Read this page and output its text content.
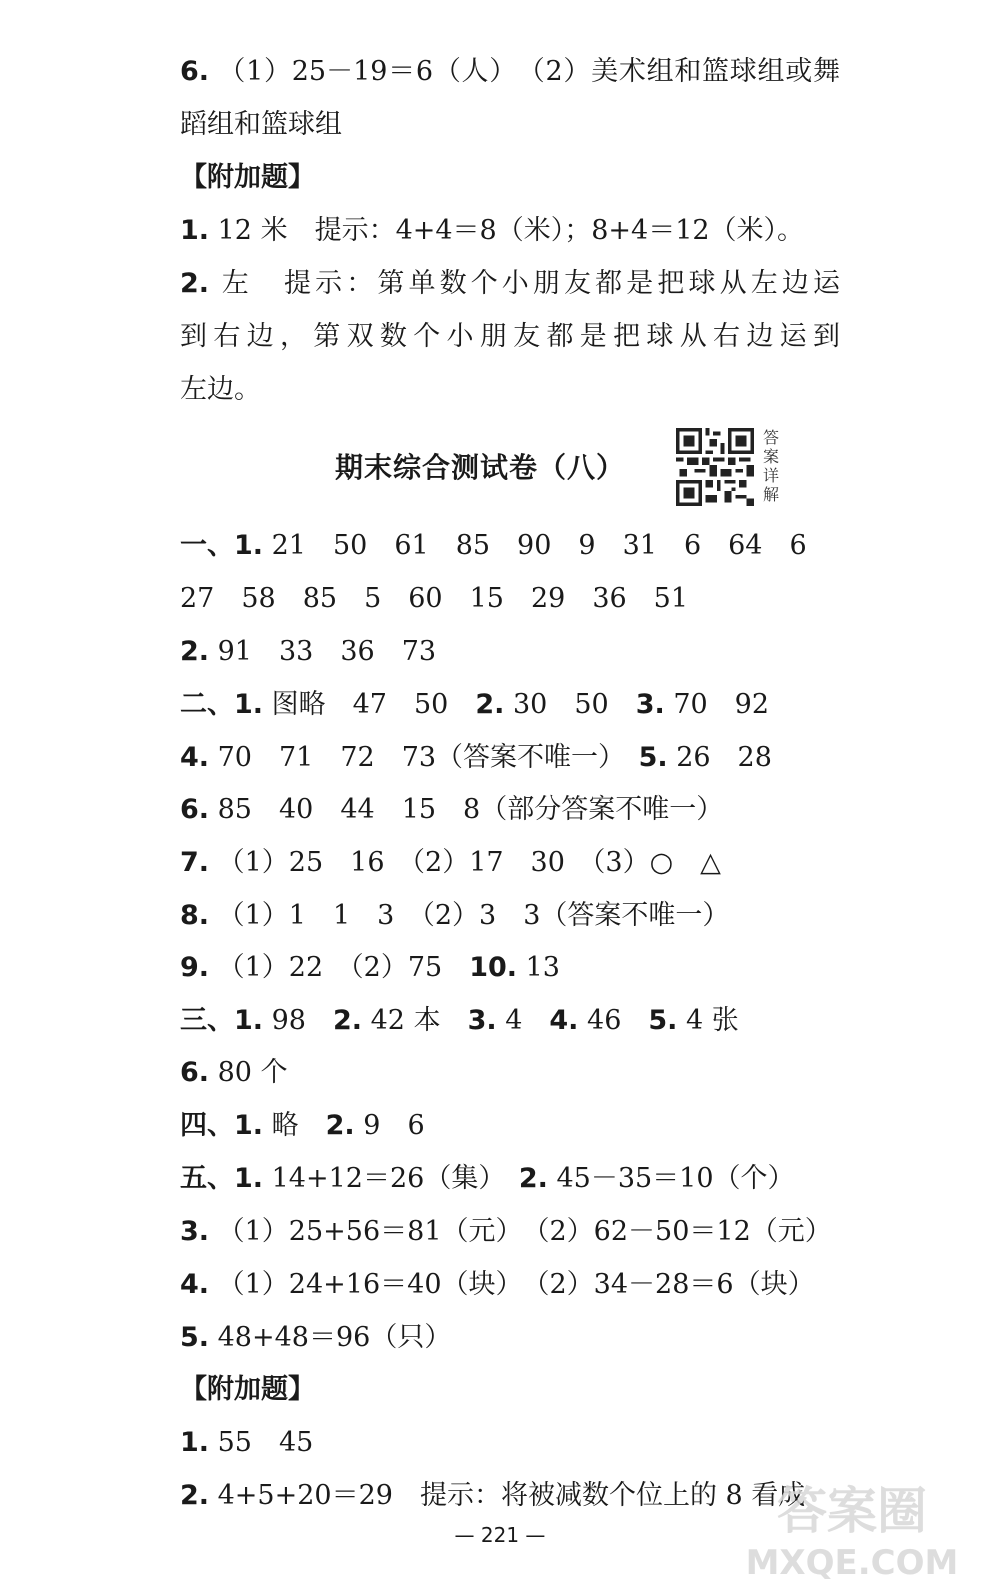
6. （1）25－19＝6（人）　（2）美术组和篮球组或舞
蹈组和篮球组
【附加题】
1. 12 米　提示：4+4＝8（米）；8+4＝12（米）。
2. 左　提示：第单数个小朋友都是把球从左边运
到右边，第双数个小朋友都是把球从右边运到
左边。
期末综合测试卷（八）
答案详解
一、1. 21　50　61　85　90　9　31　6　64　6
27　58　85　5　60　15　29　36　51
2. 91　33　36　73
二、1. 图略　47　50　2. 30　50　3. 70　92
4. 70　71　72　73（答案不唯一）　5. 26　28
6. 85　40　44　15　8（部分答案不唯一）
7. （1）25　16　（2）17　30　（3）○　△
8. （1）1　1　3　（2）3　3（答案不唯一）
9. （1）22　（2）75　10. 13
三、1. 98　2. 42 本　3. 4　4. 46　5. 4 张
6. 80 个
四、1. 略　2. 9　6
五、1. 14+12＝26（集）　2. 45－35＝10（个）
3. （1）25+56＝81（元）　（2）62－50＝12（元）
4. （1）24+16＝40（块）　（2）34－28＝6（块）
5. 48+48＝96（只）
【附加题】
1. 55　45
2. 4+5+20＝29　提示：将被减数个位上的 8 看成
— 221 —	答案圈
MXQE.COM
